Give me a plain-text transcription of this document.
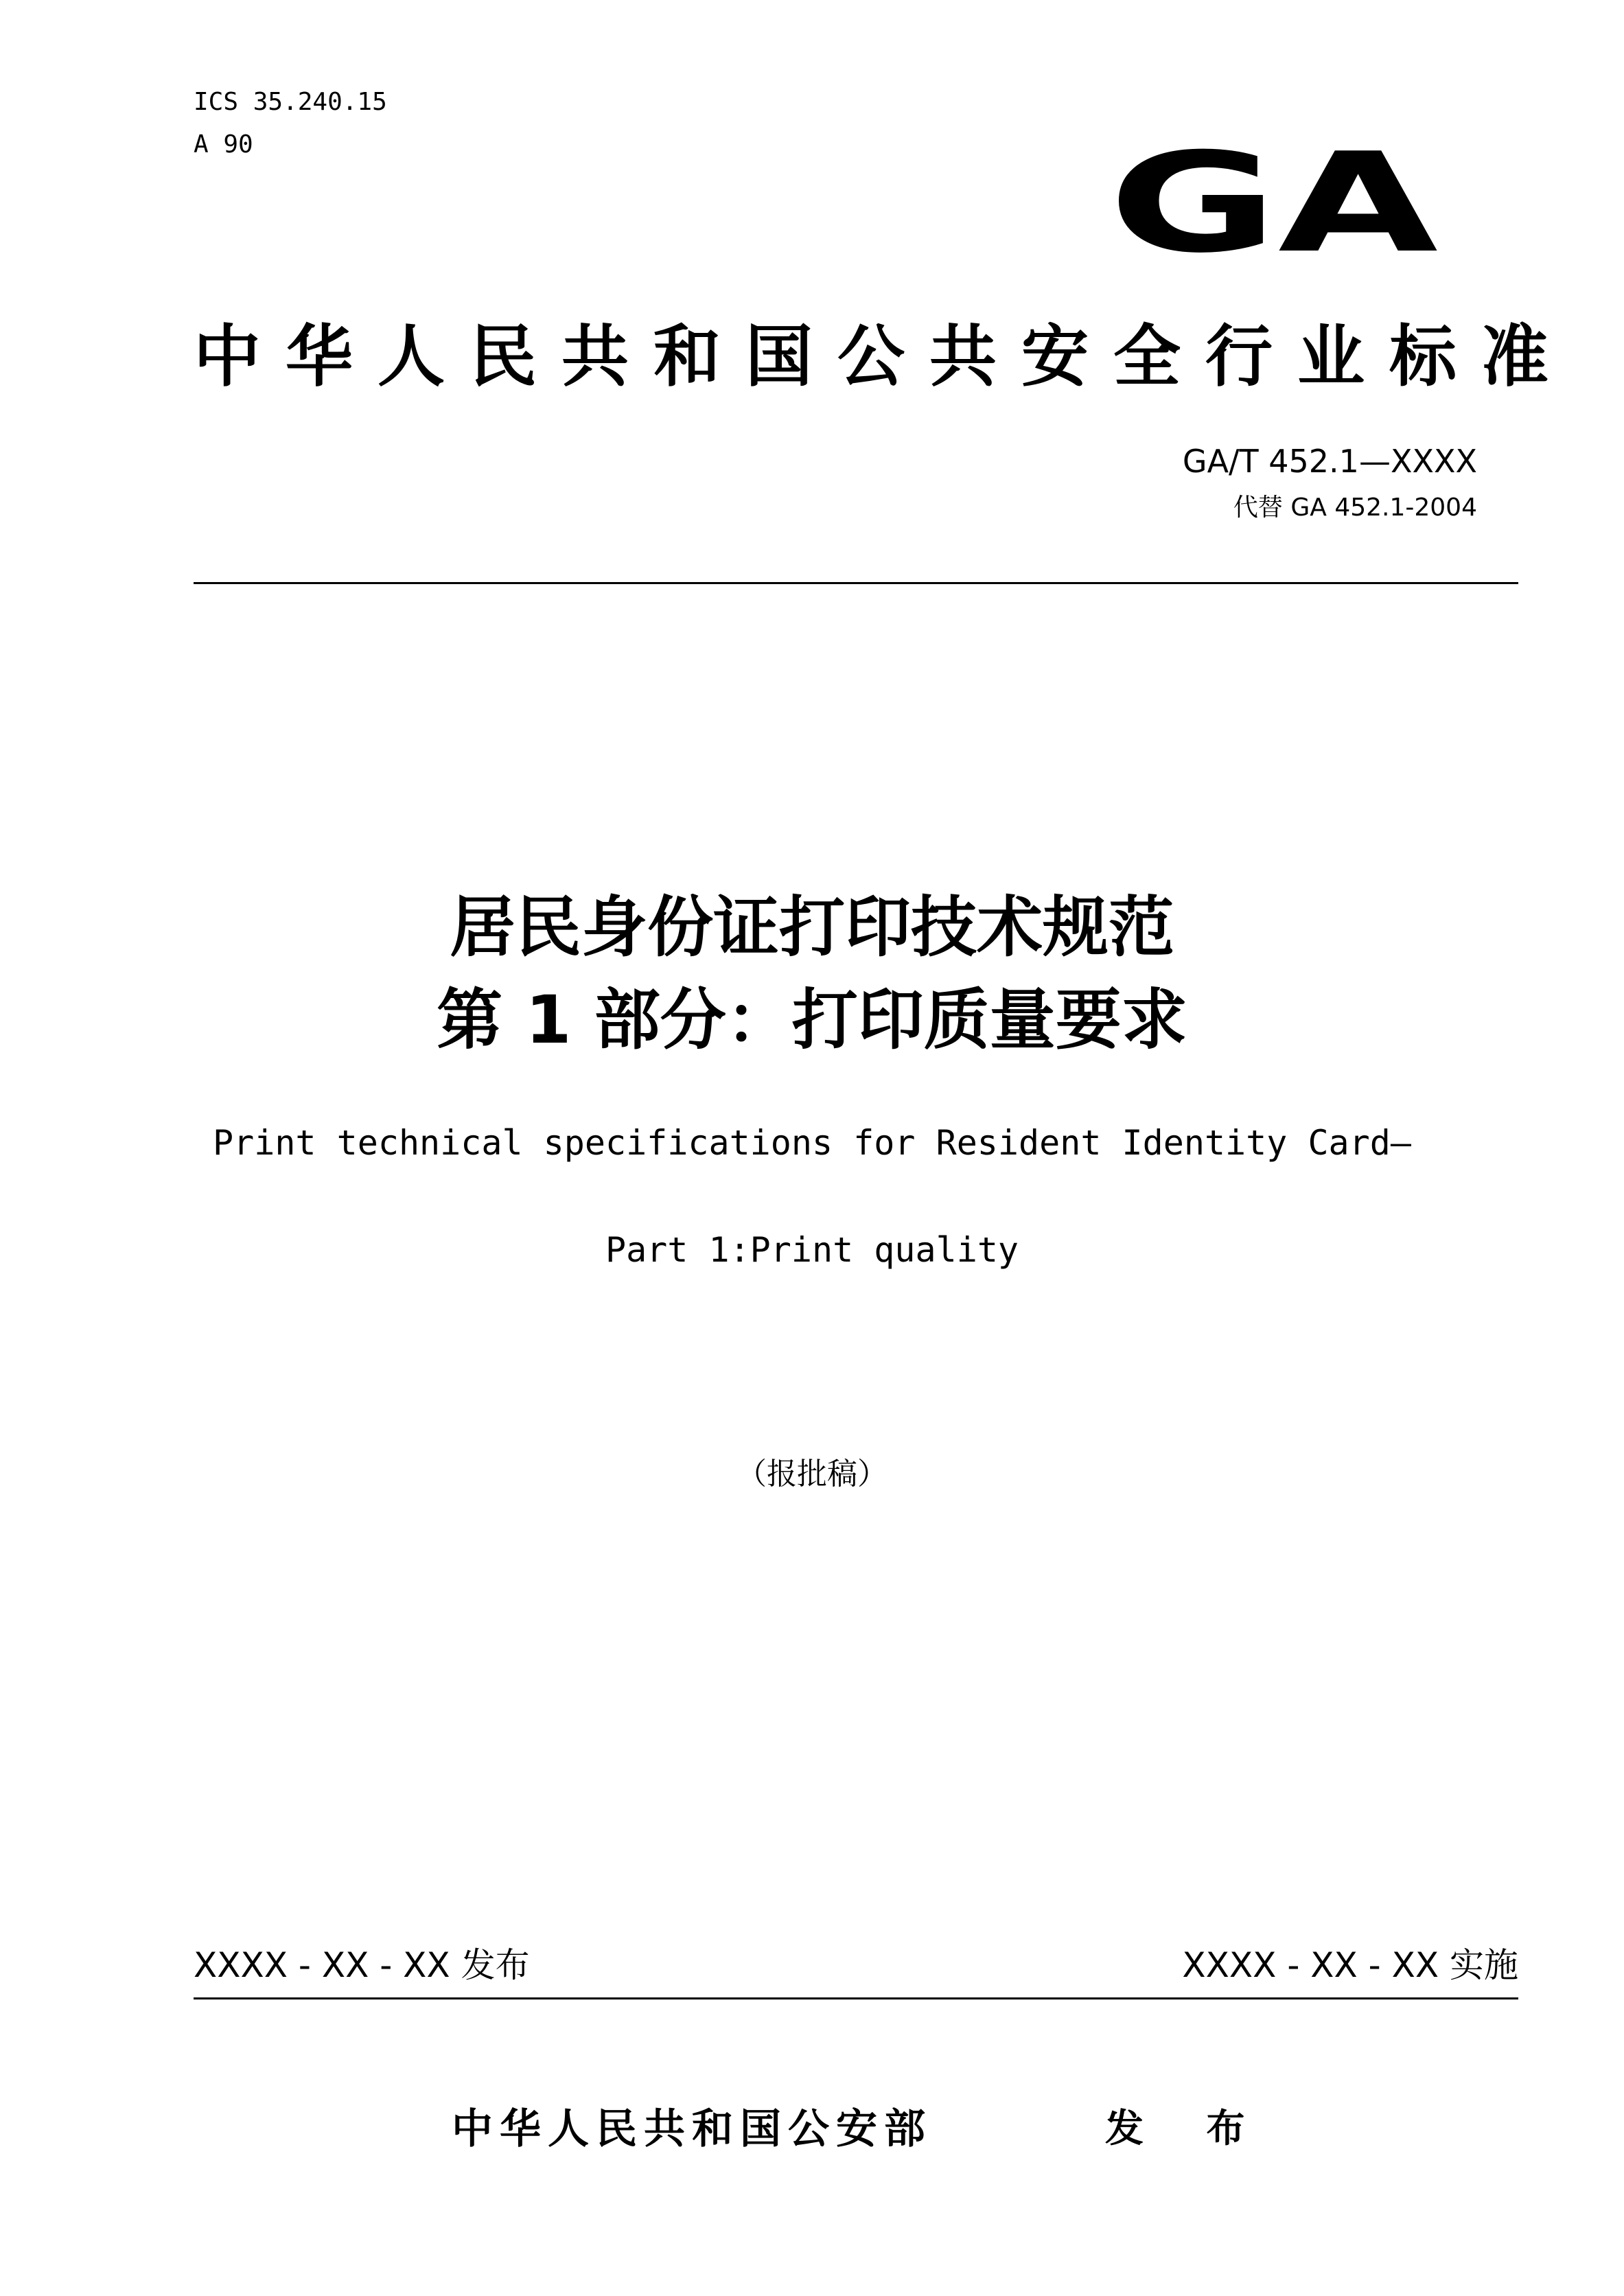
ICS 35.240.15
A 90	GA
中华人民共和国公共安全行业标准
GA/T 452.1—XXXX
代替 GA 452.1-2004
居民身份证打印技术规范
第 1 部分：打印质量要求
Print technical specifications for Resident Identity Card—
Part 1:Print quality
（报批稿）
XXXX - XX - XX 发布	XXXX - XX - XX 实施
中华人民共和国公安部	发 布
